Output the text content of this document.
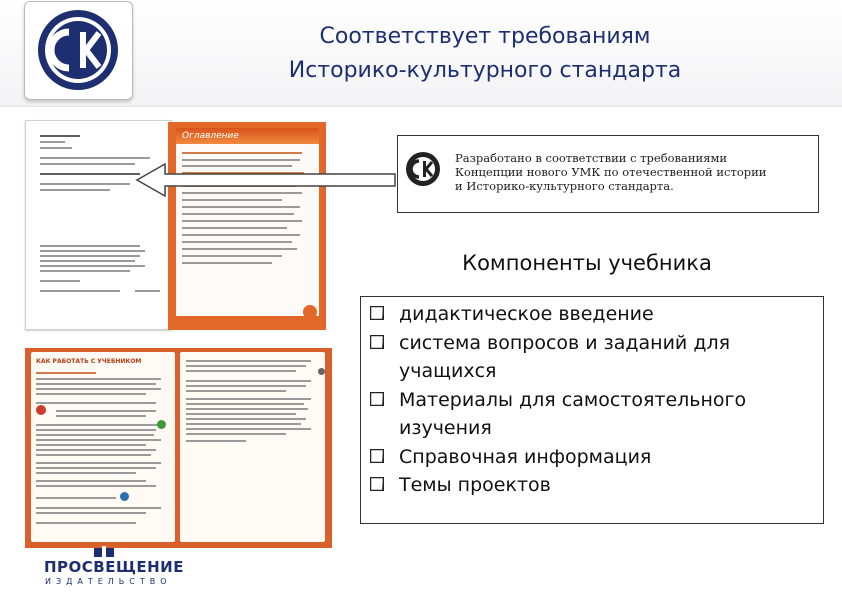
Соответствует требованиям
Историко-культурного стандарта
Оглавление
Разработано в соответствии с требованиями
Концепции нового УМК по отечественной истории
и Историко-культурного стандарта.
Компоненты учебника
дидактическое введение
система вопросов и заданий для учащихся
Материалы для самостоятельного изучения
Справочная информация
Темы проектов
КАК РАБОТАТЬ С УЧЕБНИКОМ
ПРОСВЕЩЕНИЕ
ИЗДАТЕЛЬСТВО
